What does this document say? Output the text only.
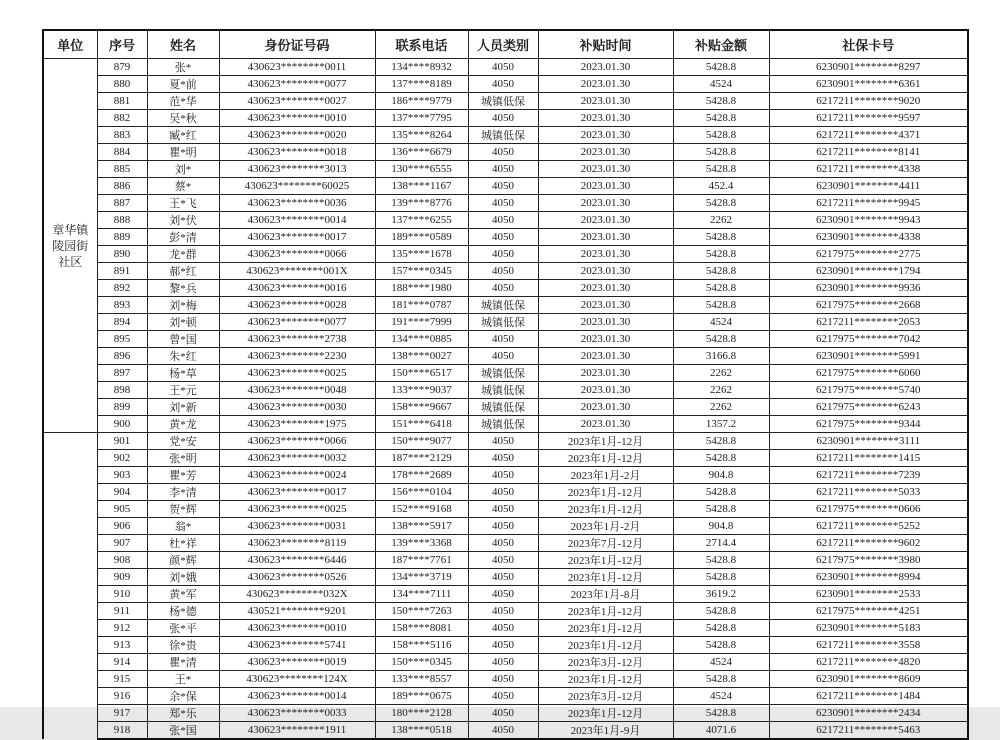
单位	序号	姓名	身份证号码	联系电话	人员类别	补贴时间	补贴金额	社保卡号

章华镇陵园街社区	879	张*	430623********0011	134****8932	4050	2023.01.30	5428.8	6230901********8297
	880	夏*前	430623********0077	137****8189	4050	2023.01.30	4524	6230901********6361
	881	范*华	430623********0027	186****9779	城镇低保	2023.01.30	5428.8	6217211********9020
	882	吴*秋	430623********0010	137****7795	4050	2023.01.30	5428.8	6217211********9597
	883	臧*红	430623********0020	135****8264	城镇低保	2023.01.30	5428.8	6217211********4371
	884	瞿*明	430623********0018	136****6679	4050	2023.01.30	5428.8	6217211********8141
	885	刘*	430623********3013	130****6555	4050	2023.01.30	5428.8	6217211********4338
	886	蔡*	430623********60025	138****1167	4050	2023.01.30	452.4	6230901********4411
	887	王*飞	430623********0036	139****8776	4050	2023.01.30	5428.8	6217211********9945
	888	刘*伏	430623********0014	137****6255	4050	2023.01.30	2262	6230901********9943
	889	彭*清	430623********0017	189****0589	4050	2023.01.30	5428.8	6230901********4338
	890	龙*群	430623********0066	135****1678	4050	2023.01.30	5428.8	6217975********2775
	891	郝*红	430623********001X	157****0345	4050	2023.01.30	5428.8	6230901********1794
	892	黎*兵	430623********0016	188****1980	4050	2023.01.30	5428.8	6230901********9936
	893	刘*梅	430623********0028	181****0787	城镇低保	2023.01.30	5428.8	6217975********2668
	894	刘*顿	430623********0077	191****7999	城镇低保	2023.01.30	4524	6217211********2053
	895	曾*国	430623********2738	134****0885	4050	2023.01.30	5428.8	6217975********7042
	896	朱*红	430623********2230	138****0027	4050	2023.01.30	3166.8	6230901********5991
	897	杨*草	430623********0025	150****6517	城镇低保	2023.01.30	2262	6217975********6060
	898	王*元	430623********0048	133****9037	城镇低保	2023.01.30	2262	6217975********5740
	899	刘*新	430623********0030	158****9667	城镇低保	2023.01.30	2262	6217975********6243
	900	黄*龙	430623********1975	151****6418	城镇低保	2023.01.30	1357.2	6217975********9344

	901	党*安	430623********0066	150****9077	4050	2023年1月-12月	5428.8	6230901********3111
	902	张*明	430623********0032	187****2129	4050	2023年1月-12月	5428.8	6217211********1415
	903	瞿*芳	430623********0024	178****2689	4050	2023年1月-2月	904.8	6217211********7239
	904	李*清	430623********0017	156****0104	4050	2023年1月-12月	5428.8	6217211********5033
	905	贺*辉	430623********0025	152****9168	4050	2023年1月-12月	5428.8	6217975********0606
	906	翁*	430623********0031	138****5917	4050	2023年1月-2月	904.8	6217211********5252
	907	杜*祥	430623********8119	139****3368	4050	2023年7月-12月	2714.4	6217211********9602
	908	颜*辉	430623********6446	187****7761	4050	2023年1月-12月	5428.8	6217975********3980
	909	刘*娥	430623********0526	134****3719	4050	2023年1月-12月	5428.8	6230901********8994
	910	黄*军	430623********032X	134****7111	4050	2023年1月-8月	3619.2	6230901********2533
	911	杨*德	430521********9201	150****7263	4050	2023年1月-12月	5428.8	6217975********4251
	912	张*平	430623********0010	158****8081	4050	2023年1月-12月	5428.8	6230901********5183
	913	徐*贵	430623********5741	158****5116	4050	2023年1月-12月	5428.8	6217211********3558
	914	瞿*清	430623********0019	150****0345	4050	2023年3月-12月	4524	6217211********4820
	915	王*	430623********124X	133****8557	4050	2023年1月-12月	5428.8	6230901********8609
	916	余*保	430623********0014	189****0675	4050	2023年3月-12月	4524	6217211********1484
	917	郑*乐	430623********0033	180****2128	4050	2023年1月-12月	5428.8	6230901********2434
	918	张*国	430623********1911	138****0518	4050	2023年1月-9月	4071.6	6217211********5463
